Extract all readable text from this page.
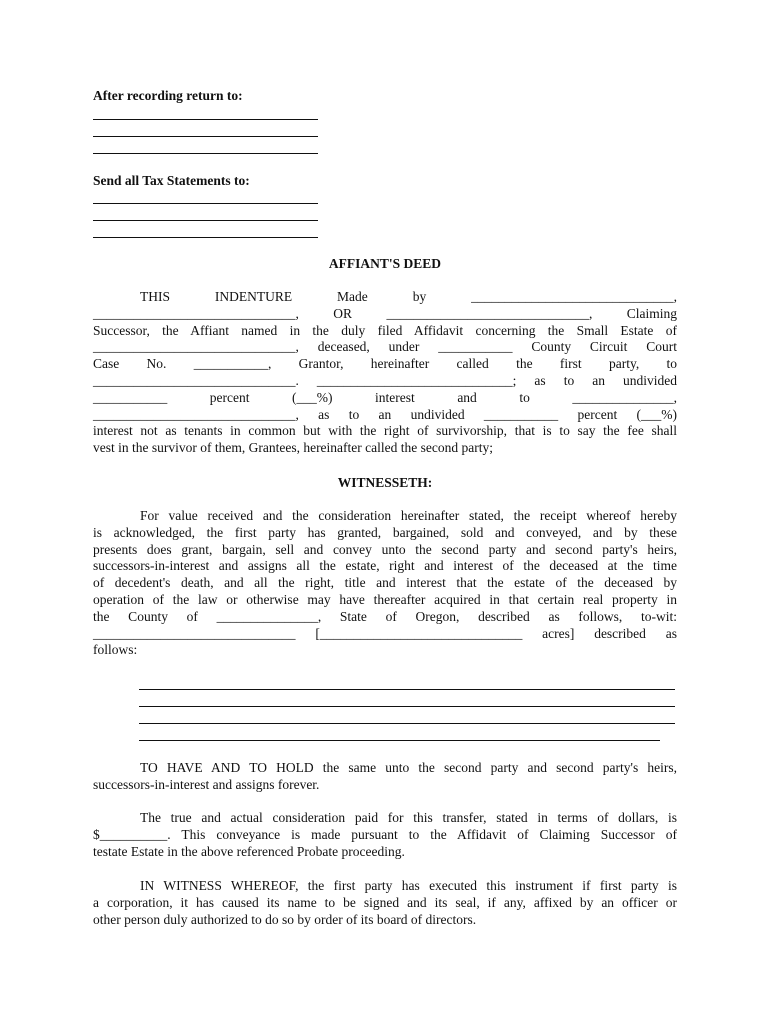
After recording return to:
Send all Tax Statements to:
AFFIANT'S DEED
THIS INDENTURE Made by ______________________________,
______________________________, OR ______________________________, Claiming
Successor, the Affiant named in the duly filed Affidavit concerning the Small Estate of
______________________________, deceased, under ___________ County Circuit Court
Case No. ___________, Grantor, hereinafter called the first party, to
______________________________. _____________________________; as to an undivided
___________ percent (___%) interest and to _______________,
______________________________, as to an undivided ___________ percent (___%)
interest not as tenants in common but with the right of survivorship, that is to say the fee shall
vest in the survivor of them, Grantees, hereinafter called the second party;
WITNESSETH:
For value received and the consideration hereinafter stated, the receipt whereof hereby
is acknowledged, the first party has granted, bargained, sold and conveyed, and by these
presents does grant, bargain, sell and convey unto the second party and second party's heirs,
successors-in-interest and assigns all the estate, right and interest of the deceased at the time
of decedent's death, and all the right, title and interest that the estate of the deceased by
operation of the law or otherwise may have thereafter acquired in that certain real property in
the County of _______________, State of Oregon, described as follows, to-wit:
______________________________ [______________________________ acres] described as
follows:
TO HAVE AND TO HOLD the same unto the second party and second party's heirs,
successors-in-interest and assigns forever.
The true and actual consideration paid for this transfer, stated in terms of dollars, is
$__________. This conveyance is made pursuant to the Affidavit of Claiming Successor of
testate Estate in the above referenced Probate proceeding.
IN WITNESS WHEREOF, the first party has executed this instrument if first party is
a corporation, it has caused its name to be signed and its seal, if any, affixed by an officer or
other person duly authorized to do so by order of its board of directors.
